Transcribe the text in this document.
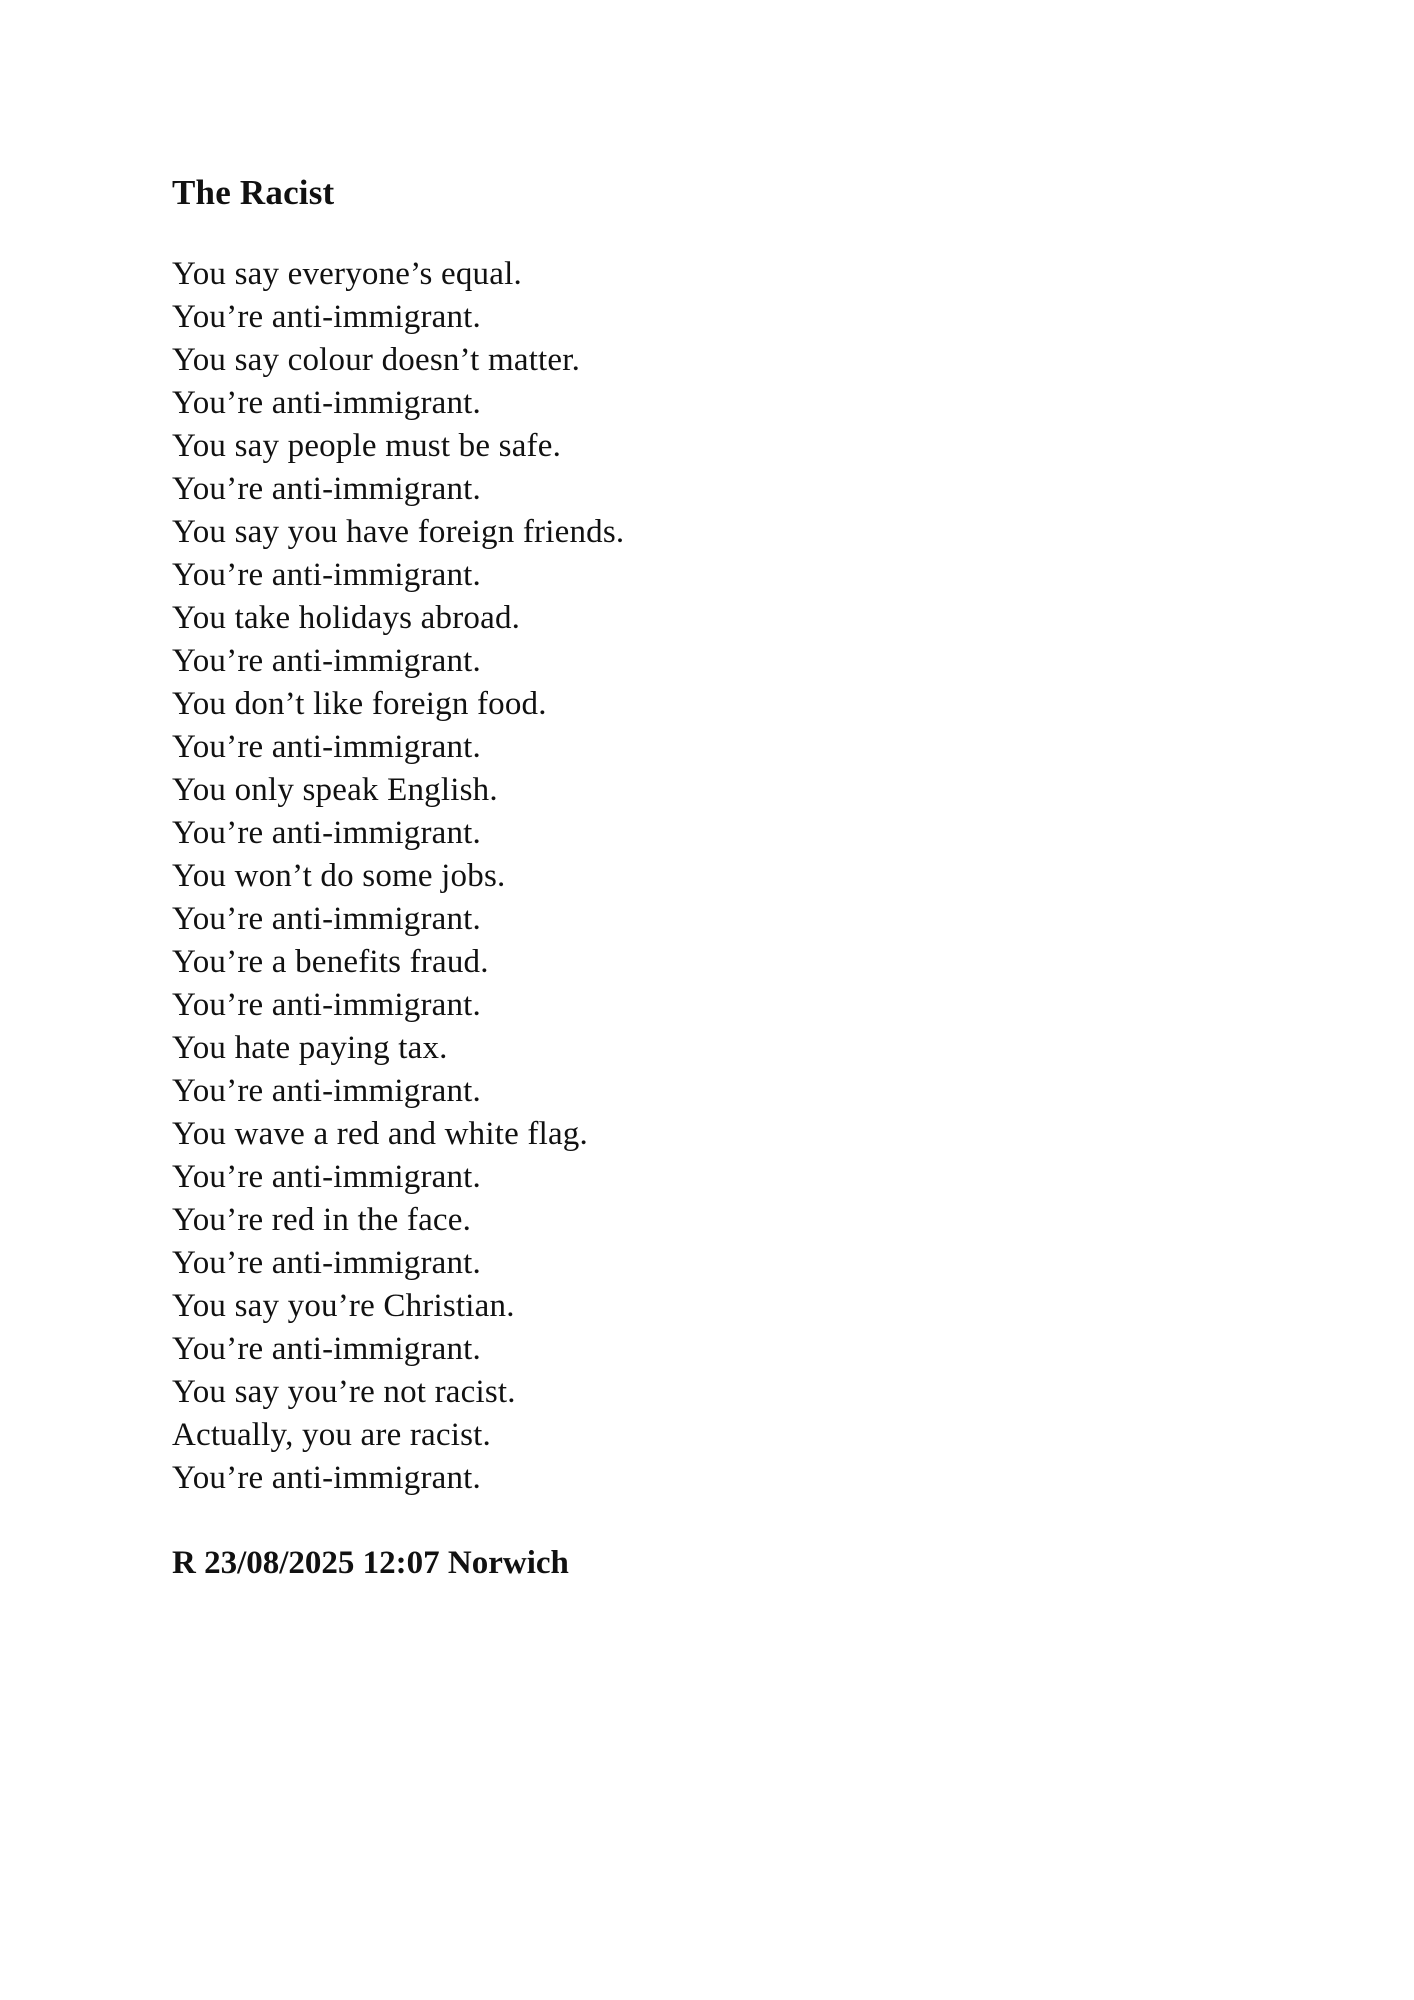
The Racist
You say everyone’s equal.
You’re anti-immigrant.
You say colour doesn’t matter.
You’re anti-immigrant.
You say people must be safe.
You’re anti-immigrant.
You say you have foreign friends.
You’re anti-immigrant.
You take holidays abroad.
You’re anti-immigrant.
You don’t like foreign food.
You’re anti-immigrant.
You only speak English.
You’re anti-immigrant.
You won’t do some jobs.
You’re anti-immigrant.
You’re a benefits fraud.
You’re anti-immigrant.
You hate paying tax.
You’re anti-immigrant.
You wave a red and white flag.
You’re anti-immigrant.
You’re red in the face.
You’re anti-immigrant.
You say you’re Christian.
You’re anti-immigrant.
You say you’re not racist.
Actually, you are racist.
You’re anti-immigrant.

R 23/08/2025 12:07 Norwich
